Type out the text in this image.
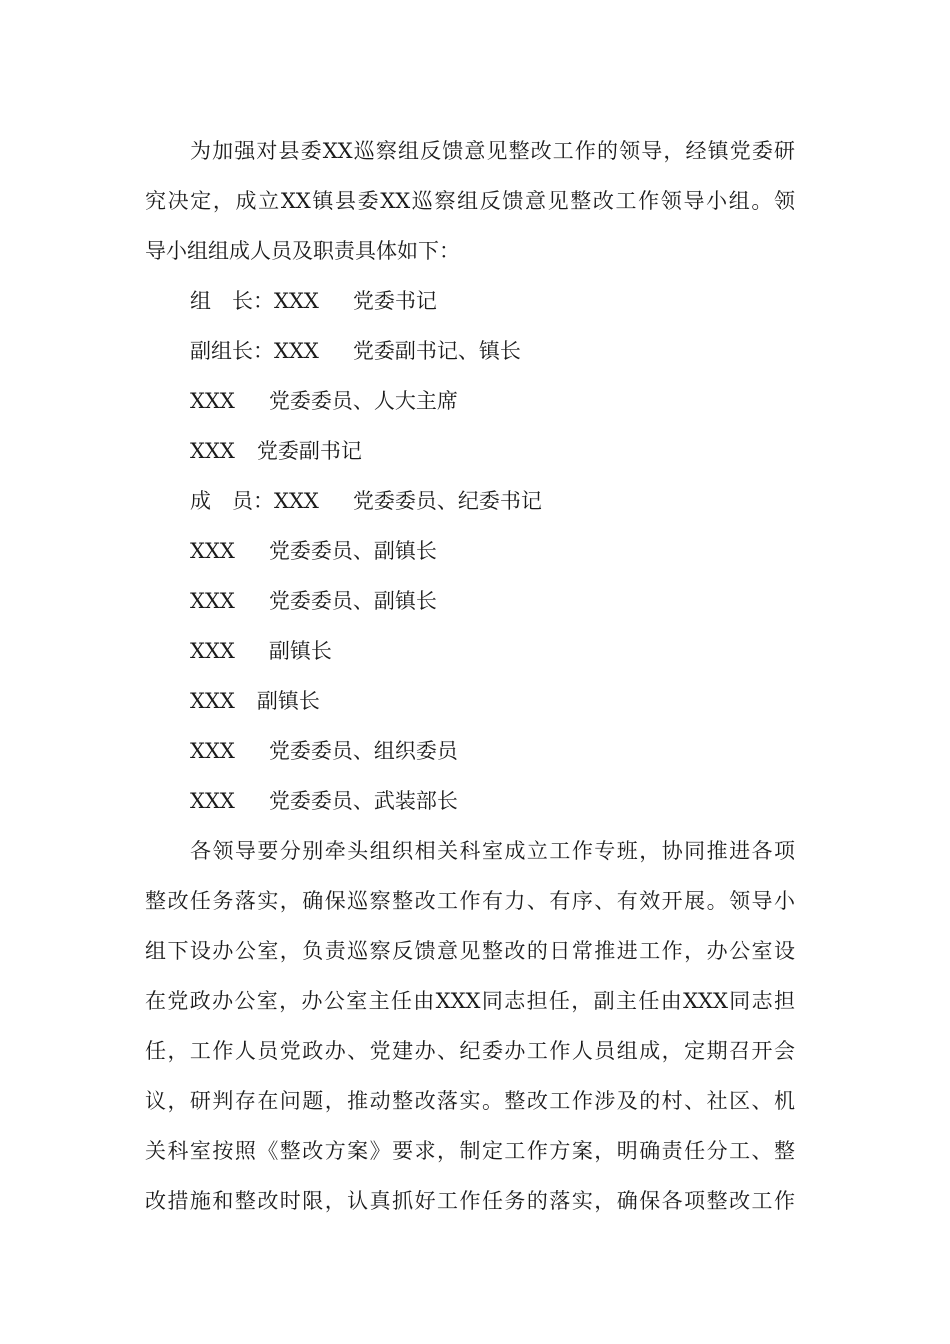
为加强对县委XX巡察组反馈意见整改工作的领导，经镇党委研
究决定，成立XX镇县委XX巡察组反馈意见整改工作领导小组。领
导小组组成人员及职责具体如下：
组　长：XXX 党委书记
副组长：XXX 党委副书记、镇长
XXX 党委委员、人大主席
XXX 党委副书记
成　员：XXX 党委委员、纪委书记
XXX 党委委员、副镇长
XXX 党委委员、副镇长
XXX 副镇长
XXX 副镇长
XXX 党委委员、组织委员
XXX 党委委员、武装部长
各领导要分别牵头组织相关科室成立工作专班，协同推进各项
整改任务落实，确保巡察整改工作有力、有序、有效开展。领导小
组下设办公室，负责巡察反馈意见整改的日常推进工作，办公室设
在党政办公室，办公室主任由XXX同志担任，副主任由XXX同志担
任，工作人员党政办、党建办、纪委办工作人员组成，定期召开会
议，研判存在问题，推动整改落实。整改工作涉及的村、社区、机
关科室按照《整改方案》要求，制定工作方案，明确责任分工、整
改措施和整改时限，认真抓好工作任务的落实，确保各项整改工作
